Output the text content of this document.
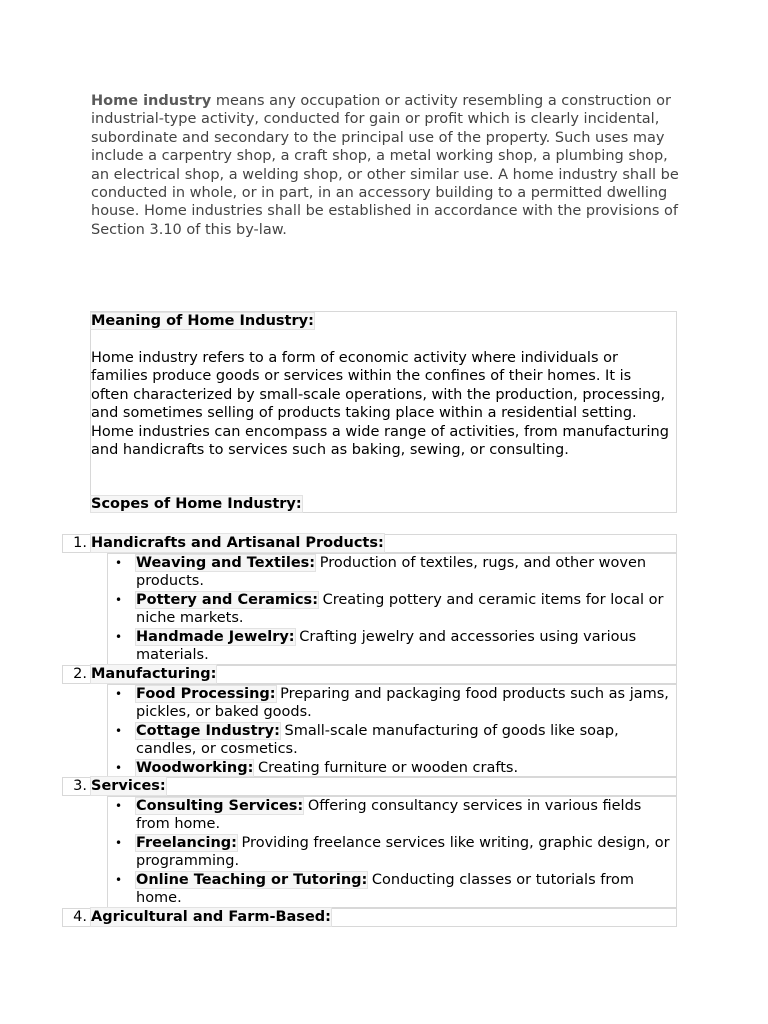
Home industry means any occupation or activity resembling a construction or industrial-type activity, conducted for gain or profit which is clearly incidental, subordinate and secondary to the principal use of the property. Such uses may include a carpentry shop, a craft shop, a metal working shop, a plumbing shop, an electrical shop, a welding shop, or other similar use. A home industry shall be conducted in whole, or in part, in an accessory building to a permitted dwelling house. Home industries shall be established in accordance with the provisions of Section 3.10 of this by-law.

Meaning of Home Industry:

Home industry refers to a form of economic activity where individuals or families produce goods or services within the confines of their homes. It is often characterized by small-scale operations, with the production, processing, and sometimes selling of products taking place within a residential setting. Home industries can encompass a wide range of activities, from manufacturing and handicrafts to services such as baking, sewing, or consulting.

Scopes of Home Industry:
1. Handicrafts and Artisanal Products:
• Weaving and Textiles: Production of textiles, rugs, and other woven products.
• Pottery and Ceramics: Creating pottery and ceramic items for local or niche markets.
• Handmade Jewelry: Crafting jewelry and accessories using various materials.
2. Manufacturing:
• Food Processing: Preparing and packaging food products such as jams, pickles, or baked goods.
• Cottage Industry: Small-scale manufacturing of goods like soap, candles, or cosmetics.
• Woodworking: Creating furniture or wooden crafts.
3. Services:
• Consulting Services: Offering consultancy services in various fields from home.
• Freelancing: Providing freelance services like writing, graphic design, or programming.
• Online Teaching or Tutoring: Conducting classes or tutorials from home.
4. Agricultural and Farm-Based:
